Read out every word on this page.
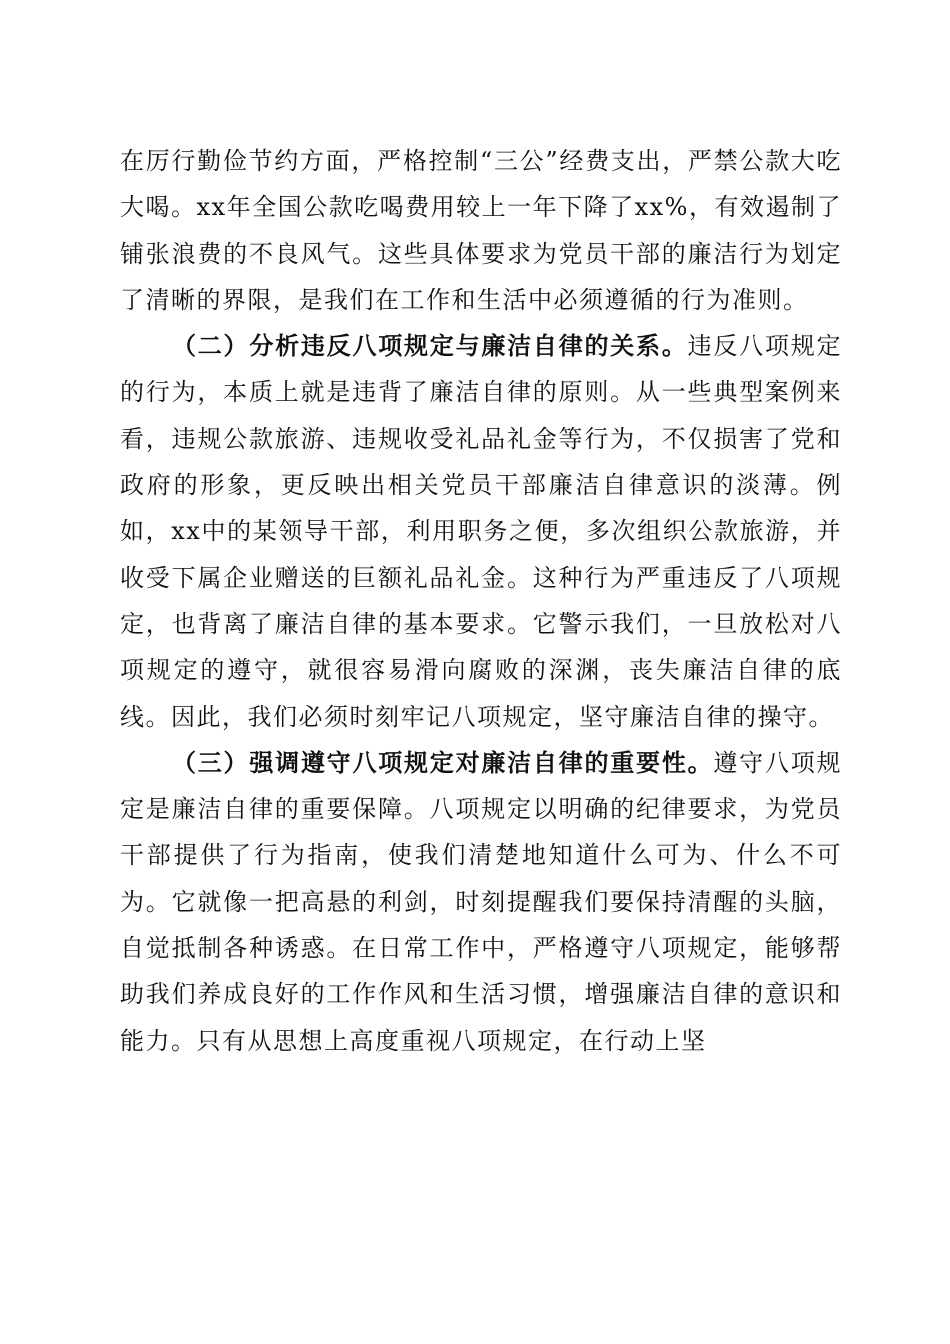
在厉行勤俭节约方面，严格控制“三公”经费支出，严禁公款大吃大喝。xx年全国公款吃喝费用较上一年下降了xx%，有效遏制了铺张浪费的不良风气。这些具体要求为党员干部的廉洁行为划定了清晰的界限，是我们在工作和生活中必须遵循的行为准则。

（二）分析违反八项规定与廉洁自律的关系。违反八项规定的行为，本质上就是违背了廉洁自律的原则。从一些典型案例来看，违规公款旅游、违规收受礼品礼金等行为，不仅损害了党和政府的形象，更反映出相关党员干部廉洁自律意识的淡薄。例如，xx中的某领导干部，利用职务之便，多次组织公款旅游，并收受下属企业赠送的巨额礼品礼金。这种行为严重违反了八项规定，也背离了廉洁自律的基本要求。它警示我们，一旦放松对八项规定的遵守，就很容易滑向腐败的深渊，丧失廉洁自律的底线。因此，我们必须时刻牢记八项规定，坚守廉洁自律的操守。

（三）强调遵守八项规定对廉洁自律的重要性。遵守八项规定是廉洁自律的重要保障。八项规定以明确的纪律要求，为党员干部提供了行为指南，使我们清楚地知道什么可为、什么不可为。它就像一把高悬的利剑，时刻提醒我们要保持清醒的头脑，自觉抵制各种诱惑。在日常工作中，严格遵守八项规定，能够帮助我们养成良好的工作作风和生活习惯，增强廉洁自律的意识和能力。只有从思想上高度重视八项规定，在行动上坚
